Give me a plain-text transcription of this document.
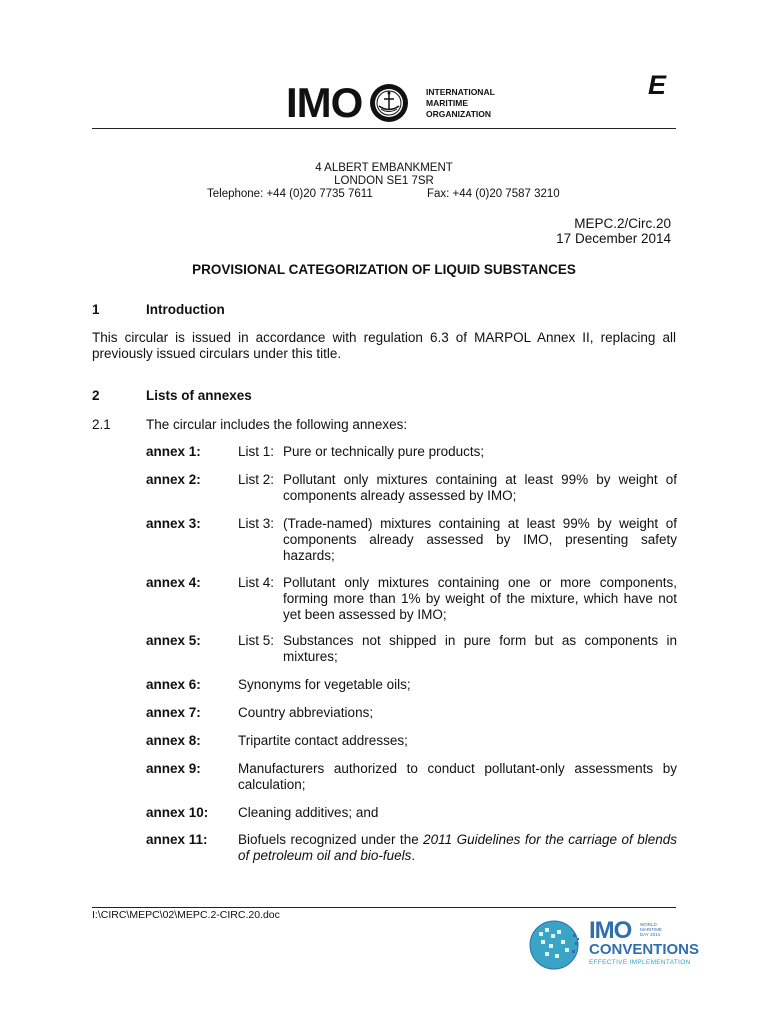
IMO	INTERNATIONAL
MARITIME
ORGANIZATION
E
4 ALBERT EMBANKMENT
LONDON SE1 7SR
Telephone: +44 (0)20 7735 7611	Fax: +44 (0)20 7587 3210
MEPC.2/Circ.20
17 December 2014
PROVISIONAL CATEGORIZATION OF LIQUID SUBSTANCES
1	Introduction
This circular is issued in accordance with regulation 6.3 of MARPOL Annex II, replacing all previously issued circulars under this title.
2	Lists of annexes
2.1	The circular includes the following annexes:
annex 1:	List 1: Pure or technically pure products;
annex 2:	List 2: Pollutant only mixtures containing at least 99% by weight of components already assessed by IMO;
annex 3:	List 3: (Trade-named) mixtures containing at least 99% by weight of components already assessed by IMO, presenting safety hazards;
annex 4:	List 4: Pollutant only mixtures containing one or more components, forming more than 1% by weight of the mixture, which have not yet been assessed by IMO;
annex 5:	List 5: Substances not shipped in pure form but as components in mixtures;
annex 6:	Synonyms for vegetable oils;
annex 7:	Country abbreviations;
annex 8:	Tripartite contact addresses;
annex 9:	Manufacturers authorized to conduct pollutant-only assessments by calculation;
annex 10: Cleaning additives; and
annex 11: Biofuels recognized under the 2011 Guidelines for the carriage of blends of petroleum oil and bio-fuels.
I:\CIRC\MEPC\02\MEPC.2-CIRC.20.doc
IMO WORLD
MARITIME
DAY 2014
CONVENTIONS
EFFECTIVE IMPLEMENTATION
